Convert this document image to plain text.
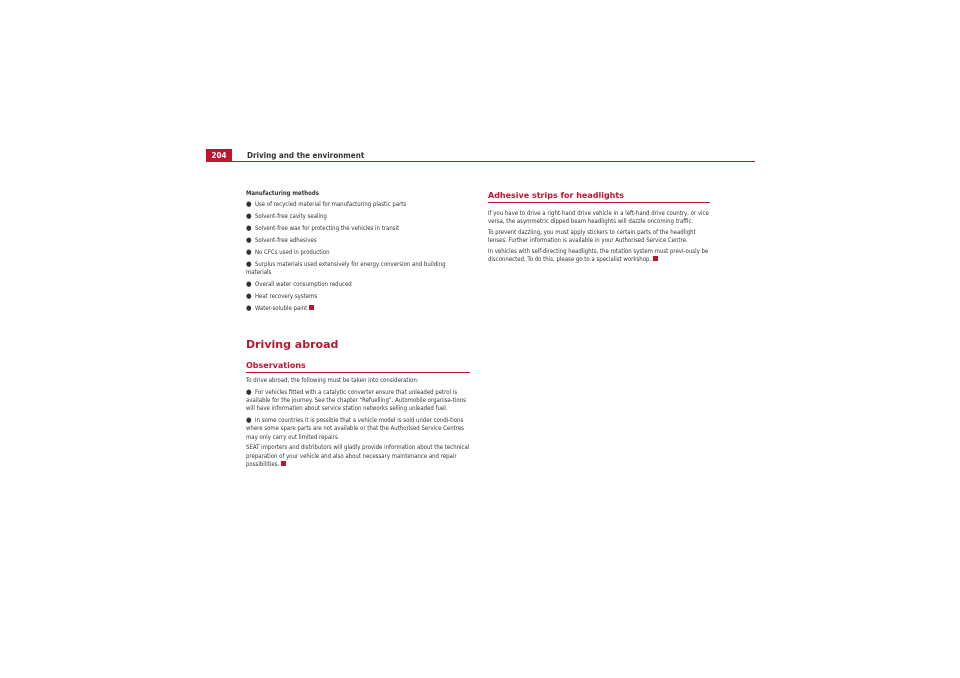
204	Driving and the environment
Manufacturing methods
● Use of recycled material for manufacturing plastic parts
● Solvent-free cavity sealing
● Solvent-free wax for protecting the vehicles in transit
● Solvent-free adhesives
● No CFCs used in production
● Surplus materials used extensively for energy conversion and building materials
● Overall water consumption reduced
● Heat recovery systems
● Water-soluble paint
Driving abroad
Observations

To drive abroad, the following must be taken into consideration:

● For vehicles fitted with a catalytic converter ensure that unleaded petrol is available for the journey. See the chapter “Refuelling”. Automobile organisa-tions will have information about service station networks selling unleaded fuel.

● In some countries it is possible that a vehicle model is sold under condi-tions where some spare parts are not available or that the Authorised Service Centres may only carry out limited repairs.

SEAT importers and distributors will gladly provide information about the technical preparation of your vehicle and also about necessary maintenance and repair possibilities.

Adhesive strips for headlights

If you have to drive a right-hand drive vehicle in a left-hand drive country, or vice versa, the asymmetric dipped beam headlights will dazzle oncoming traffic.

To prevent dazzling, you must apply stickers to certain parts of the headlight lenses. Further information is available in your Authorised Service Centre.

In vehicles with self-directing headlights, the rotation system must previ-ously be disconnected. To do this, please go to a specialist workshop.
